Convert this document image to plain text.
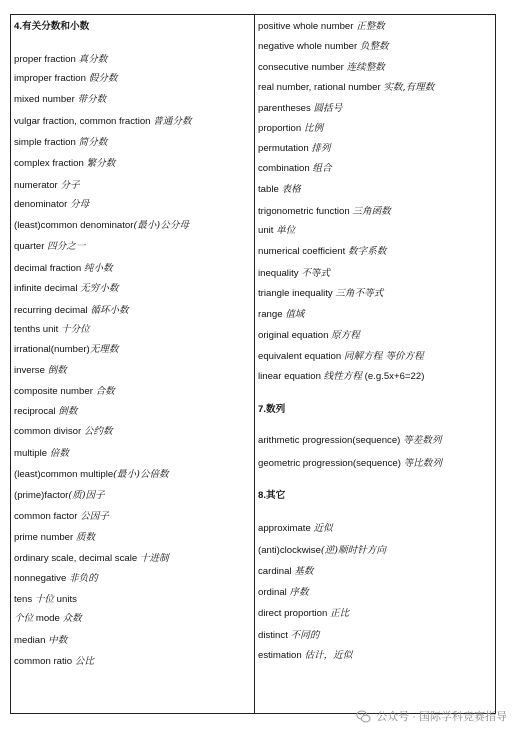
4.有关分数和小数
proper fraction 真分数
improper fraction 假分数
mixed number 带分数
vulgar fraction, common fraction 普通分数
simple fraction 简分数
complex fraction 繁分数
numerator 分子
denominator 分母
(least)common denominator(最小)公分母
quarter 四分之一
decimal fraction 纯小数
infinite decimal 无穷小数
recurring decimal 循环小数
tenths unit 十分位
irrational(number)无理数
inverse 倒数
composite number 合数
reciprocal 倒数
common divisor 公约数
multiple 倍数
(least)common multiple(最小)公倍数
(prime)factor(质)因子
common factor 公因子
prime number 质数
ordinary scale, decimal scale 十进制
nonnegative 非负的
tens 十位 units
个位 mode 众数
median 中数
common ratio 公比
positive whole number 正整数
negative whole number 负整数
consecutive number 连续整数
real number, rational number 实数,有理数
parentheses 圆括号
proportion 比例
permutation 排列
combination 组合
table 表格
trigonometric function 三角函数
unit 单位
numerical coefficient 数字系数
inequality 不等式
triangle inequality 三角不等式
range 值域
original equation 原方程
equivalent equation 同解方程 等价方程
linear equation 线性方程 (e.g.5x+6=22)
7.数列
arithmetic progression(sequence) 等差数列
geometric progression(sequence) 等比数列
8.其它
approximate 近似
(anti)clockwise(逆)顺时针方向
cardinal 基数
ordinal 序数
direct proportion 正比
distinct 不同的
estimation 估计，近似
公众号 · 国际学科竞赛指导
